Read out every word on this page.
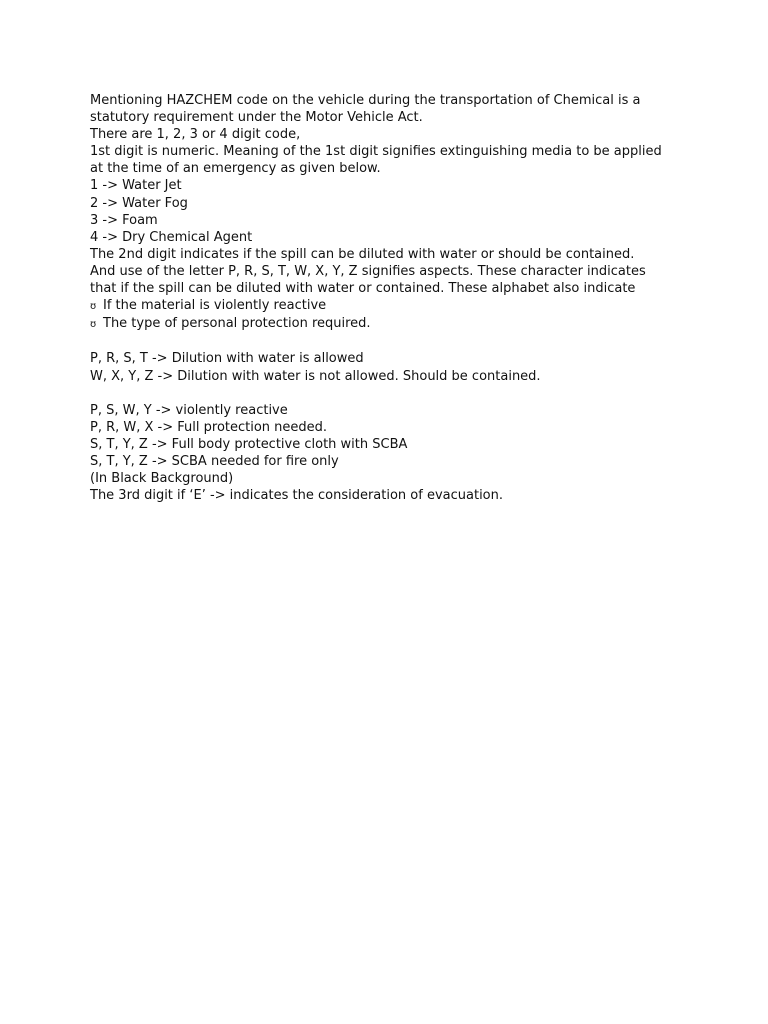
Mentioning HAZCHEM code on the vehicle during the transportation of Chemical is a
statutory requirement under the Motor Vehicle Act.
There are 1, 2, 3 or 4 digit code,
1st digit is numeric. Meaning of the 1st digit signifies extinguishing media to be applied
at the time of an emergency as given below.
1 -> Water Jet
2 -> Water Fog
3 -> Foam
4 -> Dry Chemical Agent
The 2nd digit indicates if the spill can be diluted with water or should be contained.
And use of the letter P, R, S, T, W, X, Y, Z signifies aspects. These character indicates
that if the spill can be diluted with water or contained. These alphabet also indicate
ʊ If the material is violently reactive
ʊ The type of personal protection required.
P, R, S, T -> Dilution with water is allowed
W, X, Y, Z -> Dilution with water is not allowed. Should be contained.
P, S, W, Y -> violently reactive
P, R, W, X -> Full protection needed.
S, T, Y, Z -> Full body protective cloth with SCBA
S, T, Y, Z -> SCBA needed for fire only
(In Black Background)
The 3rd digit if ‘E’ -> indicates the consideration of evacuation.
